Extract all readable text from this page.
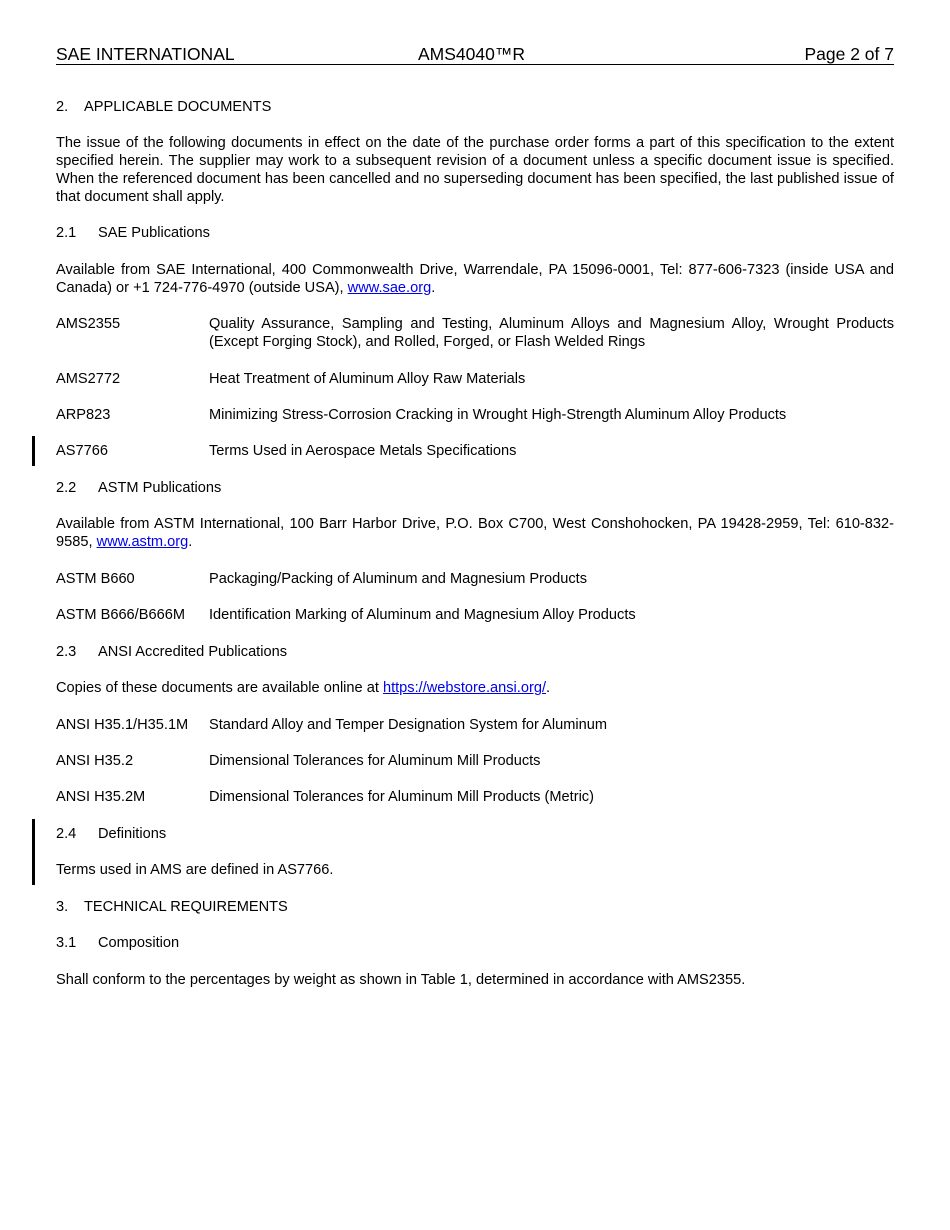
SAE INTERNATIONAL	AMS4040™R	Page 2 of 7
2. APPLICABLE DOCUMENTS
The issue of the following documents in effect on the date of the purchase order forms a part of this specification to the extent specified herein. The supplier may work to a subsequent revision of a document unless a specific document issue is specified. When the referenced document has been cancelled and no superseding document has been specified, the last published issue of that document shall apply.
2.1 SAE Publications
Available from SAE International, 400 Commonwealth Drive, Warrendale, PA 15096-0001, Tel: 877-606-7323 (inside USA and Canada) or +1 724-776-4970 (outside USA), www.sae.org.
AMS2355	Quality Assurance, Sampling and Testing, Aluminum Alloys and Magnesium Alloy, Wrought Products (Except Forging Stock), and Rolled, Forged, or Flash Welded Rings
AMS2772	Heat Treatment of Aluminum Alloy Raw Materials
ARP823	Minimizing Stress-Corrosion Cracking in Wrought High-Strength Aluminum Alloy Products
AS7766	Terms Used in Aerospace Metals Specifications
2.2 ASTM Publications
Available from ASTM International, 100 Barr Harbor Drive, P.O. Box C700, West Conshohocken, PA 19428-2959, Tel: 610-832-9585, www.astm.org.
ASTM B660	Packaging/Packing of Aluminum and Magnesium Products
ASTM B666/B666M Identification Marking of Aluminum and Magnesium Alloy Products
2.3 ANSI Accredited Publications
Copies of these documents are available online at https://webstore.ansi.org/.
ANSI H35.1/H35.1M Standard Alloy and Temper Designation System for Aluminum
ANSI H35.2	Dimensional Tolerances for Aluminum Mill Products
ANSI H35.2M	Dimensional Tolerances for Aluminum Mill Products (Metric)
2.4 Definitions
Terms used in AMS are defined in AS7766.
3. TECHNICAL REQUIREMENTS
3.1 Composition
Shall conform to the percentages by weight as shown in Table 1, determined in accordance with AMS2355.
